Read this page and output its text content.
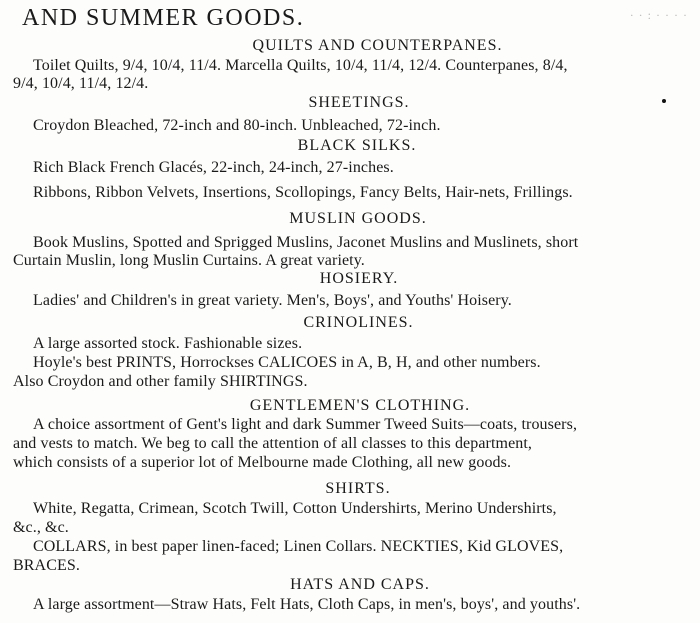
· · : · · · ·
AND SUMMER GOODS.
QUILTS AND COUNTERPANES.
Toilet Quilts, 9/4, 10/4, 11/4. Marcella Quilts, 10/4, 11/4, 12/4. Counterpanes, 8/4,
9/4, 10/4, 11/4, 12/4.
SHEETINGS.
Croydon Bleached, 72-inch and 80-inch. Unbleached, 72-inch.
BLACK SILKS.
Rich Black French Glacés, 22-inch, 24-inch, 27-inches.
Ribbons, Ribbon Velvets, Insertions, Scollopings, Fancy Belts, Hair-nets, Frillings.
MUSLIN GOODS.
Book Muslins, Spotted and Sprigged Muslins, Jaconet Muslins and Muslinets, short
Curtain Muslin, long Muslin Curtains. A great variety.
HOSIERY.
Ladies' and Children's in great variety. Men's, Boys', and Youths' Hoisery.
CRINOLINES.
A large assorted stock. Fashionable sizes.
Hoyle's best PRINTS, Horrockses CALICOES in A, B, H, and other numbers.
Also Croydon and other family SHIRTINGS.
GENTLEMEN'S CLOTHING.
A choice assortment of Gent's light and dark Summer Tweed Suits—coats, trousers,
and vests to match. We beg to call the attention of all classes to this department,
which consists of a superior lot of Melbourne made Clothing, all new goods.
SHIRTS.
White, Regatta, Crimean, Scotch Twill, Cotton Undershirts, Merino Undershirts,
&c., &c.
COLLARS, in best paper linen-faced; Linen Collars. NECKTIES, Kid GLOVES,
BRACES.
HATS AND CAPS.
A large assortment—Straw Hats, Felt Hats, Cloth Caps, in men's, boys', and youths'.
